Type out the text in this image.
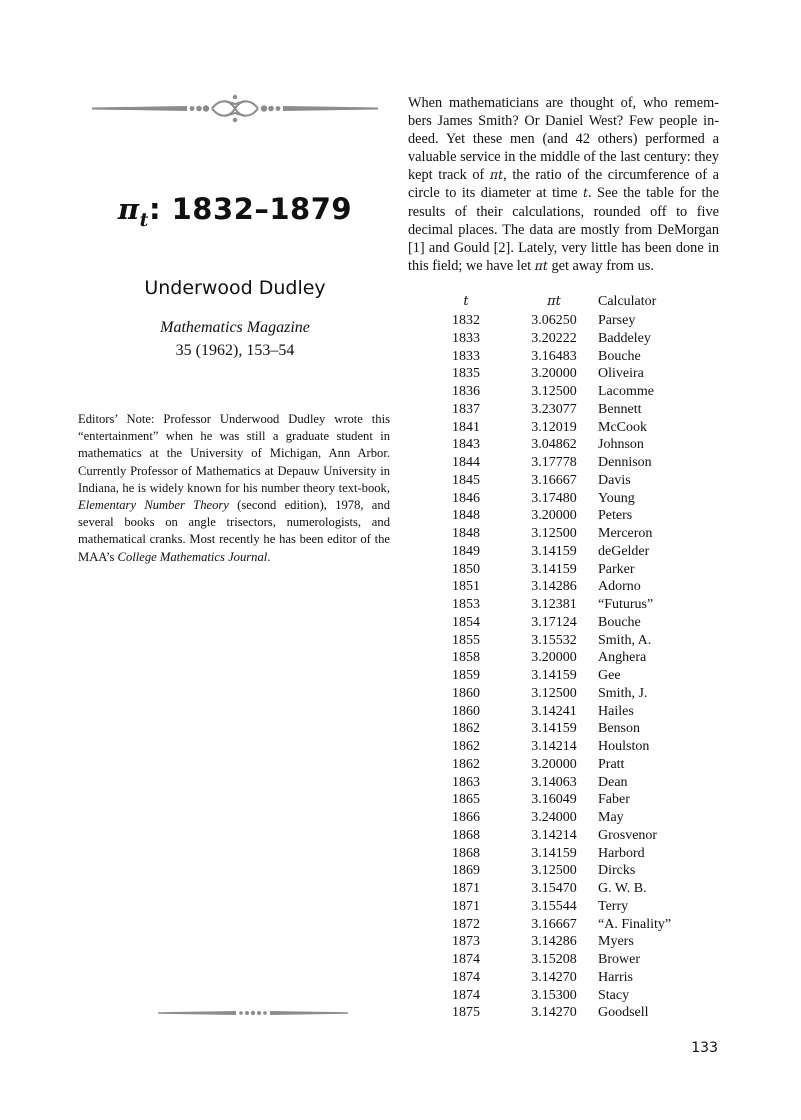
$\pi_t$: 1832–1879
Underwood Dudley
Mathematics Magazine
35 (1962), 153–54
Editors’ Note: Professor Underwood Dudley wrote this “entertainment” when he was still a graduate student in mathematics at the University of Michigan, Ann Arbor. Currently Professor of Mathematics at Depauw University in Indiana, he is widely known for his number theory text-book, Elementary Number Theory (second edition), 1978, and several books on angle trisectors, numerologists, and mathematical cranks. Most recently he has been editor of the MAA’s College Mathematics Journal.
When mathematicians are thought of, who remem-bers James Smith? Or Daniel West? Few people in-deed. Yet these men (and 42 others) performed a valuable service in the middle of the last century: they kept track of πt, the ratio of the circumference of a circle to its diameter at time t. See the table for the results of their calculations, rounded off to five decimal places. The data are mostly from DeMorgan [1] and Gould [2]. Lately, very little has been done in this field; we have let πt get away from us.
t	πt	Calculator
1832	3.06250	Parsey
1833	3.20222	Baddeley
1833	3.16483	Bouche
1835	3.20000	Oliveira
1836	3.12500	Lacomme
1837	3.23077	Bennett
1841	3.12019	McCook
1843	3.04862	Johnson
1844	3.17778	Dennison
1845	3.16667	Davis
1846	3.17480	Young
1848	3.20000	Peters
1848	3.12500	Merceron
1849	3.14159	deGelder
1850	3.14159	Parker
1851	3.14286	Adorno
1853	3.12381	“Futurus”
1854	3.17124	Bouche
1855	3.15532	Smith, A.
1858	3.20000	Anghera
1859	3.14159	Gee
1860	3.12500	Smith, J.
1860	3.14241	Hailes
1862	3.14159	Benson
1862	3.14214	Houlston
1862	3.20000	Pratt
1863	3.14063	Dean
1865	3.16049	Faber
1866	3.24000	May
1868	3.14214	Grosvenor
1868	3.14159	Harbord
1869	3.12500	Dircks
1871	3.15470	G. W. B.
1871	3.15544	Terry
1872	3.16667	“A. Finality”
1873	3.14286	Myers
1874	3.15208	Brower
1874	3.14270	Harris
1874	3.15300	Stacy
1875	3.14270	Goodsell
133
